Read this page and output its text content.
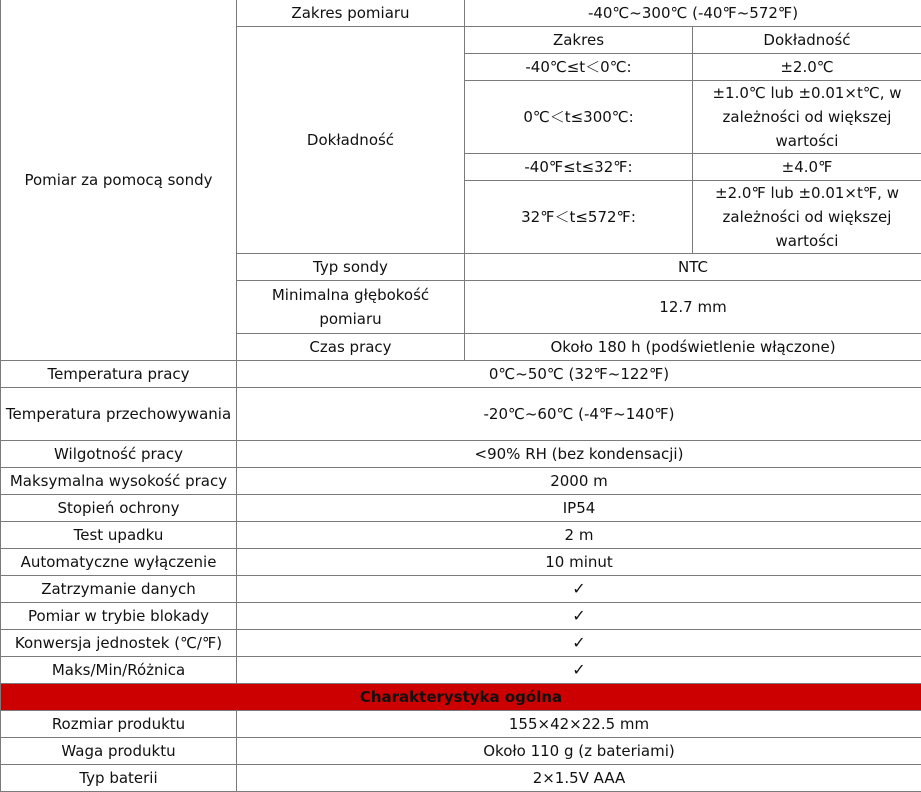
Pomiar za pomocą sondy	Zakres pomiaru	-40℃~300℃ (-40℉~572℉)	
	Dokładność	Zakres	Dokładność
		-40℃≤t＜0℃:	±2.0℃
		0℃＜t≤300℃:	±1.0℃ lub ±0.01×t℃, w zależności od większej wartości

		-40℉≤t≤32℉:	±4.0℉
		32℉＜t≤572℉:	±2.0℉ lub ±0.01×t℉, w zależności od większej wartości

	Typ sondy	NTC	
	Minimalna głębokość pomiaru	12.7 mm	
	Czas pracy	Około 180 h (podświetlenie włączone)	
Temperatura pracy	0℃~50℃ (32℉~122℉)		
Temperatura przechowywania	-20℃~60℃ (-4℉~140℉)		
Wilgotność pracy	<90% RH (bez kondensacji)		
Maksymalna wysokość pracy	2000 m		
Stopień ochrony	IP54		
Test upadku	2 m		
Automatyczne wyłączenie	10 minut		
Zatrzymanie danych	✓		
Pomiar w trybie blokady	✓		
Konwersja jednostek (℃/℉)	✓		
Maks/Min/Różnica	✓		
Charakterystyka ogólna			
Rozmiar produktu	155×42×22.5 mm		
Waga produktu	Około 110 g (z bateriami)		
Typ baterii	2×1.5V AAA		
